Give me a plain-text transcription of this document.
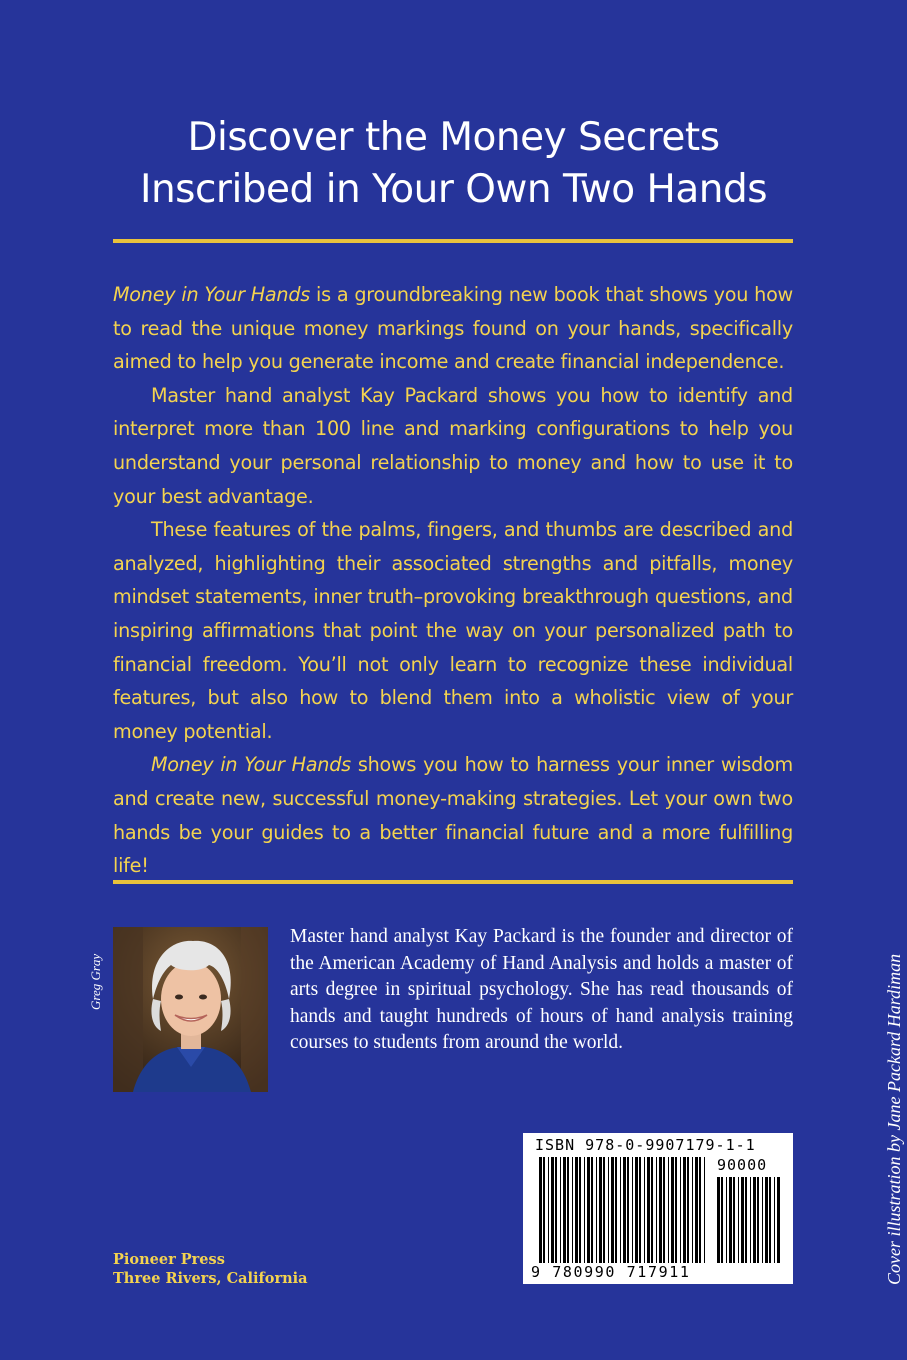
Discover the Money Secrets
Inscribed in Your Own Two Hands

Money in Your Hands is a groundbreaking new book that shows you how to read the unique money markings found on your hands, specifically aimed to help you generate income and create financial independence.

Master hand analyst Kay Packard shows you how to identify and interpret more than 100 line and marking configurations to help you understand your personal relationship to money and how to use it to your best advantage.

These features of the palms, fingers, and thumbs are described and analyzed, highlighting their associated strengths and pitfalls, money mindset statements, inner truth–provoking breakthrough questions, and inspiring affirmations that point the way on your personalized path to financial freedom. You’ll not only learn to recognize these individual features, but also how to blend them into a wholistic view of your money potential.

Money in Your Hands shows you how to harness your inner wisdom and create new, successful money-making strategies. Let your own two hands be your guides to a better financial future and a more fulfilling life!

Greg Gray
Master hand analyst Kay Packard is the founder and director of the American Academy of Hand Analysis and holds a master of arts degree in spiritual psychology. She has read thousands of hands and taught hundreds of hours of hand analysis training courses to students from around the world.	Cover illustration by Jane Packard Hardiman
ISBN 978-0-9907179-1-1
90000
9 780990 717911
Pioneer Press
Three Rivers, California
